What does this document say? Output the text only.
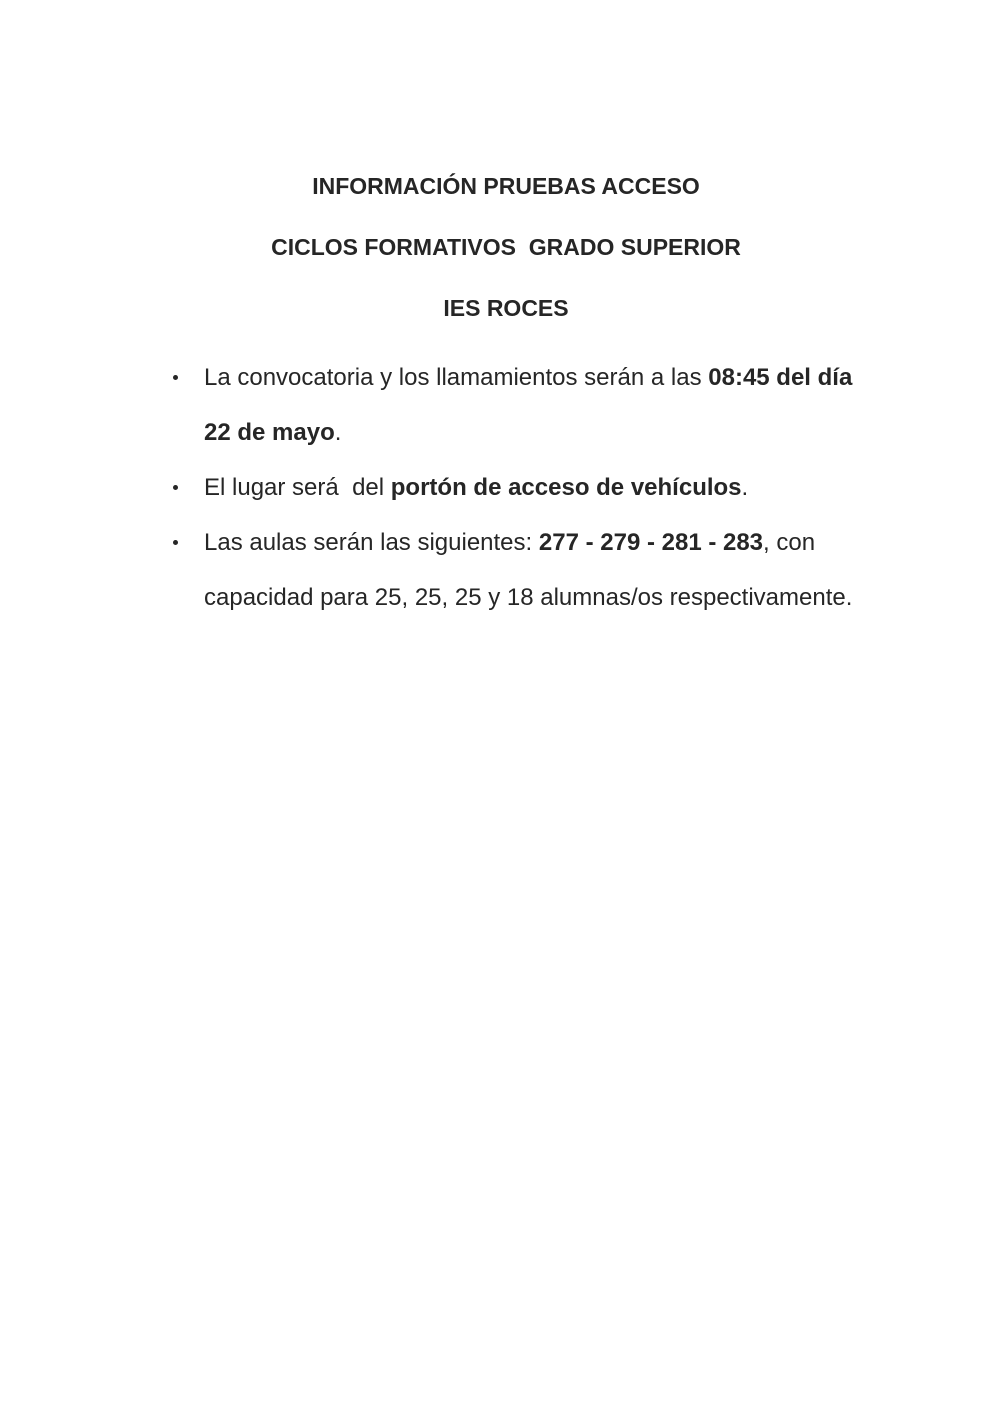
INFORMACIÓN PRUEBAS ACCESO
CICLOS FORMATIVOS  GRADO SUPERIOR
IES ROCES
La convocatoria y los llamamientos serán a las 08:45 del día 22 de mayo.
El lugar será  del portón de acceso de vehículos.
Las aulas serán las siguientes: 277 - 279 - 281 - 283, con capacidad para 25, 25, 25 y 18 alumnas/os respectivamente.
